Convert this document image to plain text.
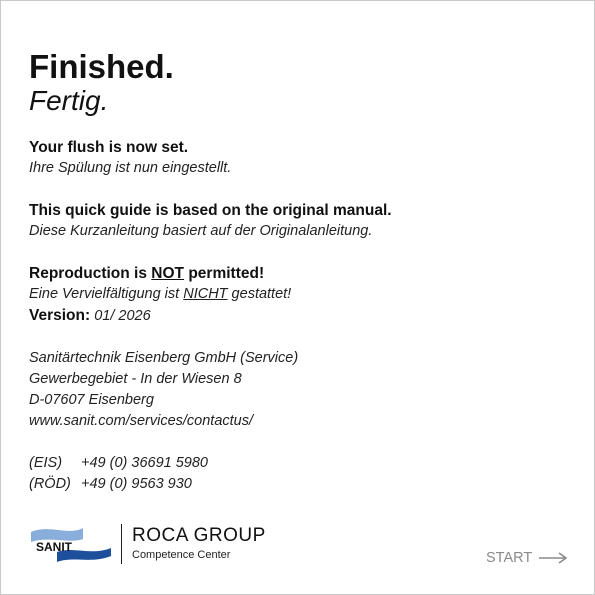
Finished.
Fertig.
Your flush is now set.
Ihre Spülung ist nun eingestellt.
This quick guide is based on the original manual.
Diese Kurzanleitung basiert auf der Originalanleitung.
Reproduction is NOT permitted!
Eine Vervielfältigung ist NICHT gestattet!
Version: 01/ 2026
Sanitärtechnik Eisenberg GmbH (Service)
Gewerbegebiet - In der Wiesen 8
D-07607 Eisenberg
www.sanit.com/services/contactus/
(EIS)	+49 (0) 36691 5980
(RÖD) +49 (0) 9563 930
SANIT
ROCA GROUP
Competence Center	START
